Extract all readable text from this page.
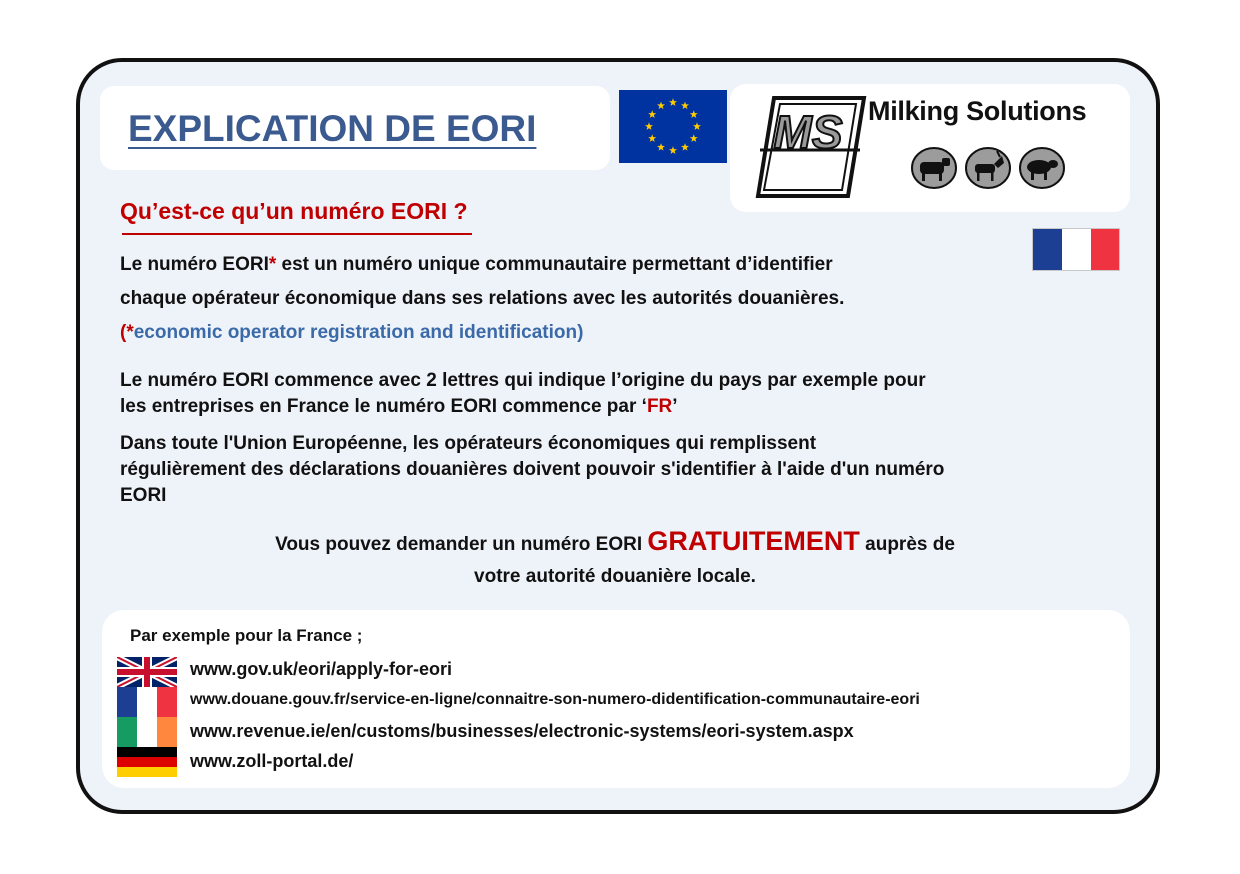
EXPLICATION DE EORI	MS Milking Solutions
Qu’est-ce qu’un numéro EORI ?

Le numéro EORI* est un numéro unique communautaire permettant d’identifier

chaque opérateur économique dans ses relations avec les autorités douanières.

(*economic operator registration and identification)

Le numéro EORI commence avec 2 lettres qui indique l’origine du pays par exemple pour
les entreprises en France le numéro EORI commence par ‘FR’

Dans toute l'Union Européenne, les opérateurs économiques qui remplissent
régulièrement des déclarations douanières doivent pouvoir s'identifier à l'aide d'un numéro
EORI

Vous pouvez demander un numéro EORI GRATUITEMENT auprès de

votre autorité douanière locale.

Par exemple pour la France ;
www.gov.uk/eori/apply-for-eori
www.douane.gouv.fr/service-en-ligne/connaitre-son-numero-didentification-communautaire-eori
www.revenue.ie/en/customs/businesses/electronic-systems/eori-system.aspx
www.zoll-portal.de/
